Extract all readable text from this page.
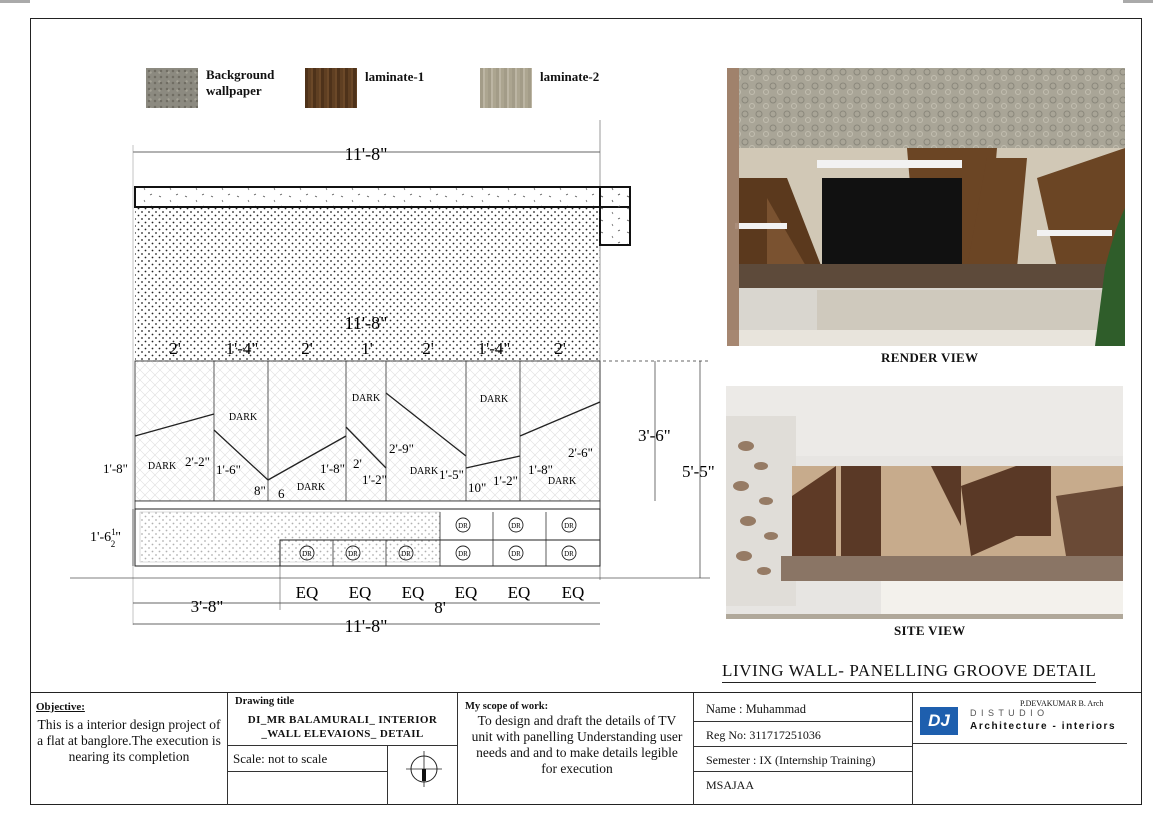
Background
wallpaper
laminate-1	laminate-2
11'-8"
11'-8"
2'	1'-4"	2'	1'	2'	1'-4"	2'
DARK
DARK
DARK
DARK
DARK
DARK
DARK
1'-8"	2'-2"
1'-6"
8" 6
1'-8" 2'
1'-2"
2'-9"
1'-5"
10" 1'-2"
1'-8"
2'-6"
3'-6"
5'-5"
DR	DR	DR
DR	DR	DR	DR	DR	DR
$1'-6^1$ 2"
EQ EQ EQ EQ EQ EQ
3'-8"	8'
11'-8"
RENDER VIEW
SITE VIEW
LIVING WALL- PANELLING GROOVE DETAIL
Objective:
This is a interior design project of a flat at banglore.The execution is nearing its completion
Drawing title
DI_MR BALAMURALI_ INTERIOR _WALL ELEVAIONS_ DETAIL
Scale: not to scale
My scope of work:
To design and draft the details of TV unit with panelling Understanding user needs and and to make details legible for execution
Name : Muhammad
Reg No: 311717251036
Semester : IX (Internship Training)
MSAJAA
P.DEVAKUMAR B. Arch
DJ	D I S T U D I O
Architecture - interiors
